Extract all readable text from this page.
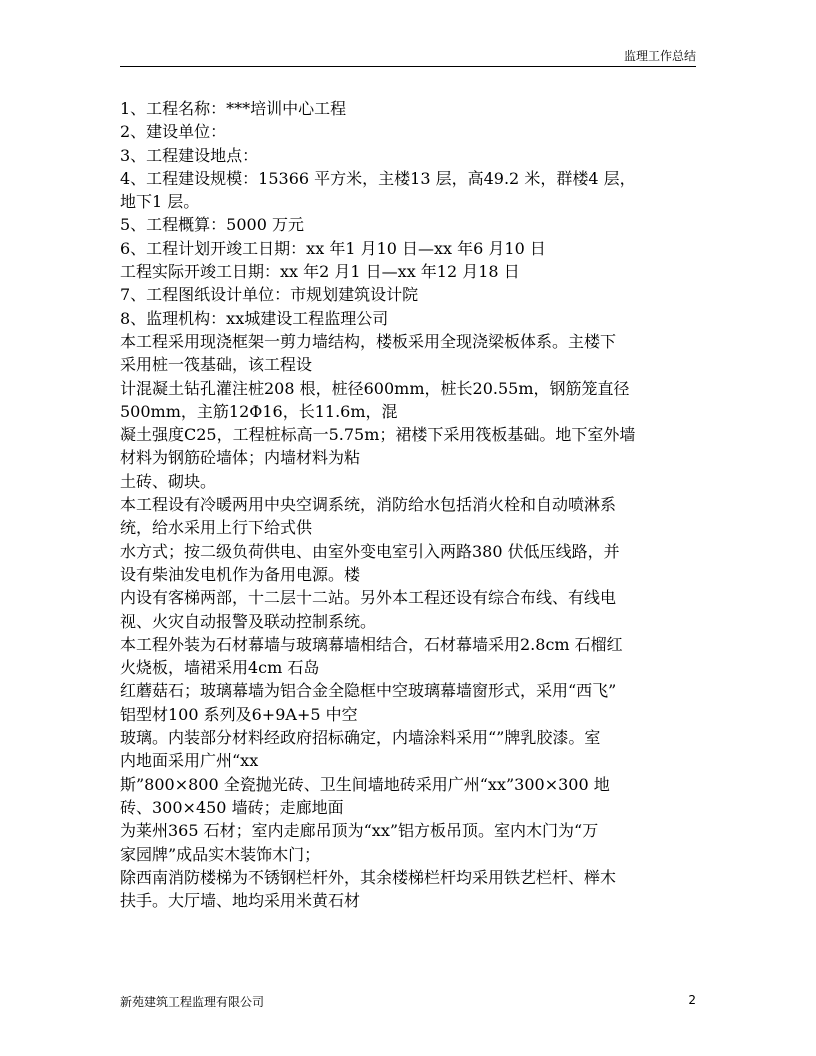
监理工作总结
1、工程名称：***培训中心工程
2、建设单位：
3、工程建设地点：
4、工程建设规模：15366 平方米，主楼13 层，高49.2 米，群楼4 层，
地下1 层。
5、工程概算：5000 万元
6、工程计划开竣工日期：xx 年1 月10 日—xx 年6 月10 日
工程实际开竣工日期：xx 年2 月1 日—xx 年12 月18 日
7、工程图纸设计单位：市规划建筑设计院
8、监理机构：xx城建设工程监理公司
本工程采用现浇框架一剪力墙结构，楼板采用全现浇梁板体系。主楼下
采用桩一筏基础，该工程设
计混凝土钻孔灌注桩208 根，桩径600mm，桩长20.55m，钢筋笼直径
500mm，主筋12Φ16，长11.6m，混
凝土强度C25，工程桩标高一5.75m；裙楼下采用筏板基础。地下室外墙
材料为钢筋砼墙体；内墙材料为粘
土砖、砌块。
本工程设有冷暖两用中央空调系统，消防给水包括消火栓和自动喷淋系
统，给水采用上行下给式供
水方式；按二级负荷供电、由室外变电室引入两路380 伏低压线路，并
设有柴油发电机作为备用电源。楼
内设有客梯两部，十二层十二站。另外本工程还设有综合布线、有线电
视、火灾自动报警及联动控制系统。
本工程外装为石材幕墙与玻璃幕墙相结合，石材幕墙采用2.8cm 石榴红
火烧板，墙裙采用4cm 石岛
红蘑菇石；玻璃幕墙为铝合金全隐框中空玻璃幕墙窗形式，采用“西飞”
铝型材100 系列及6+9A+5 中空
玻璃。内装部分材料经政府招标确定，内墙涂料采用“”牌乳胶漆。室
内地面采用广州“xx
斯”800×800 全瓷抛光砖、卫生间墙地砖采用广州“xx”300×300 地
砖、300×450 墙砖；走廊地面
为莱州365 石材；室内走廊吊顶为“xx”铝方板吊顶。室内木门为“万
家园牌”成品实木装饰木门；
除西南消防楼梯为不锈钢栏杆外，其余楼梯栏杆均采用铁艺栏杆、榉木
扶手。大厅墙、地均采用米黄石材
新苑建筑工程监理有限公司	2
